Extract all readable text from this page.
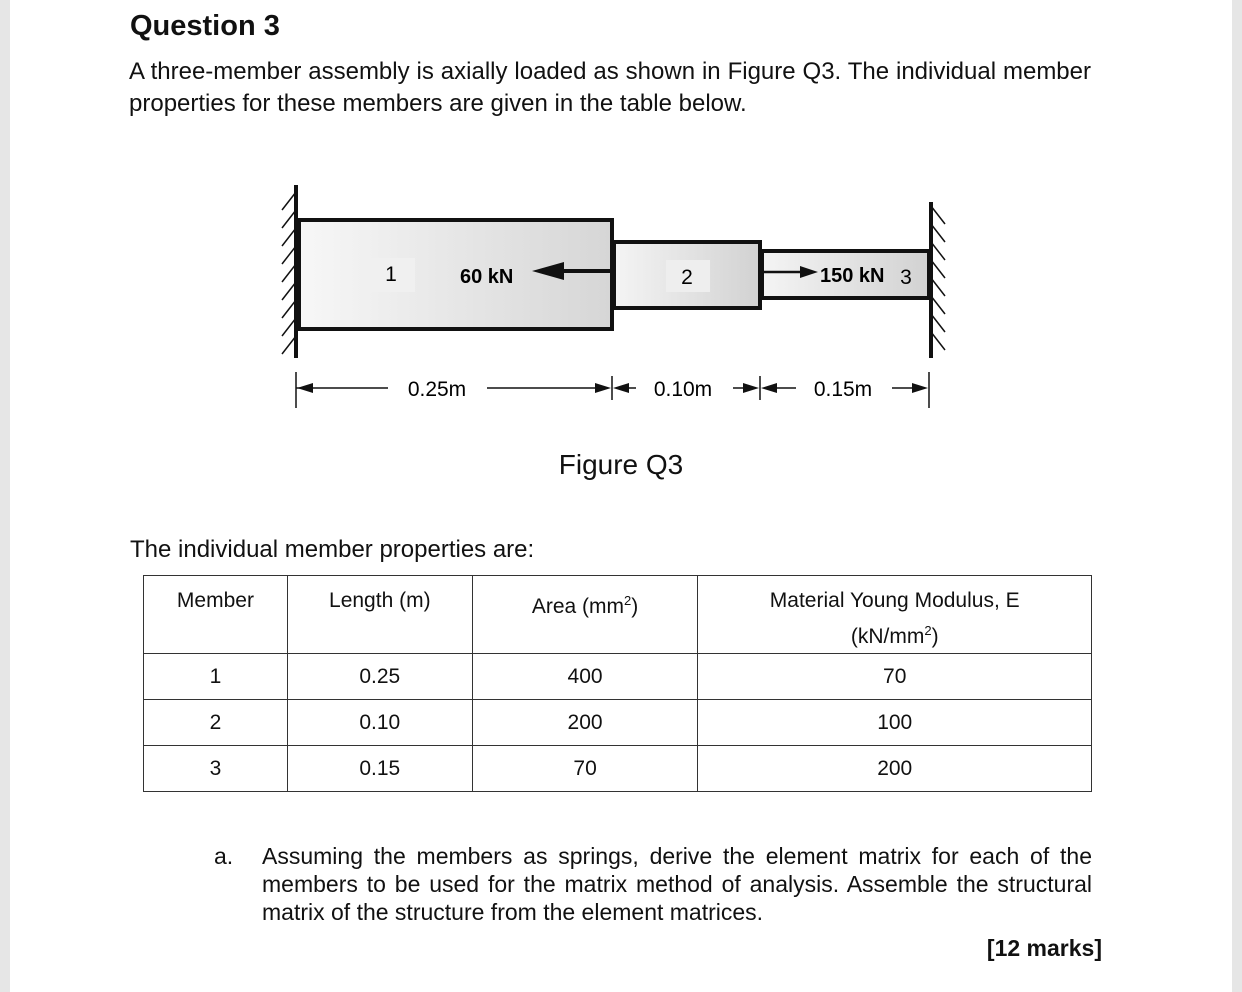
Question 3
A three-member assembly is axially loaded as shown in Figure Q3. The individual member properties for these members are given in the table below.
1	2	3
60 kN	150 kN
0.25m	0.10m	0.15m
Figure Q3
The individual member properties are:
Member	Length (m)	Area $(mm^2)$	Material Young Modulus, E
$(kN/mm^2)$
1	0.25	400	70
2	0.10	200	100
3	0.15	70	200
a. Assuming the members as springs, derive the element matrix for each of the members to be used for the matrix method of analysis. Assemble the structural matrix of the structure from the element matrices.
[12 marks]
